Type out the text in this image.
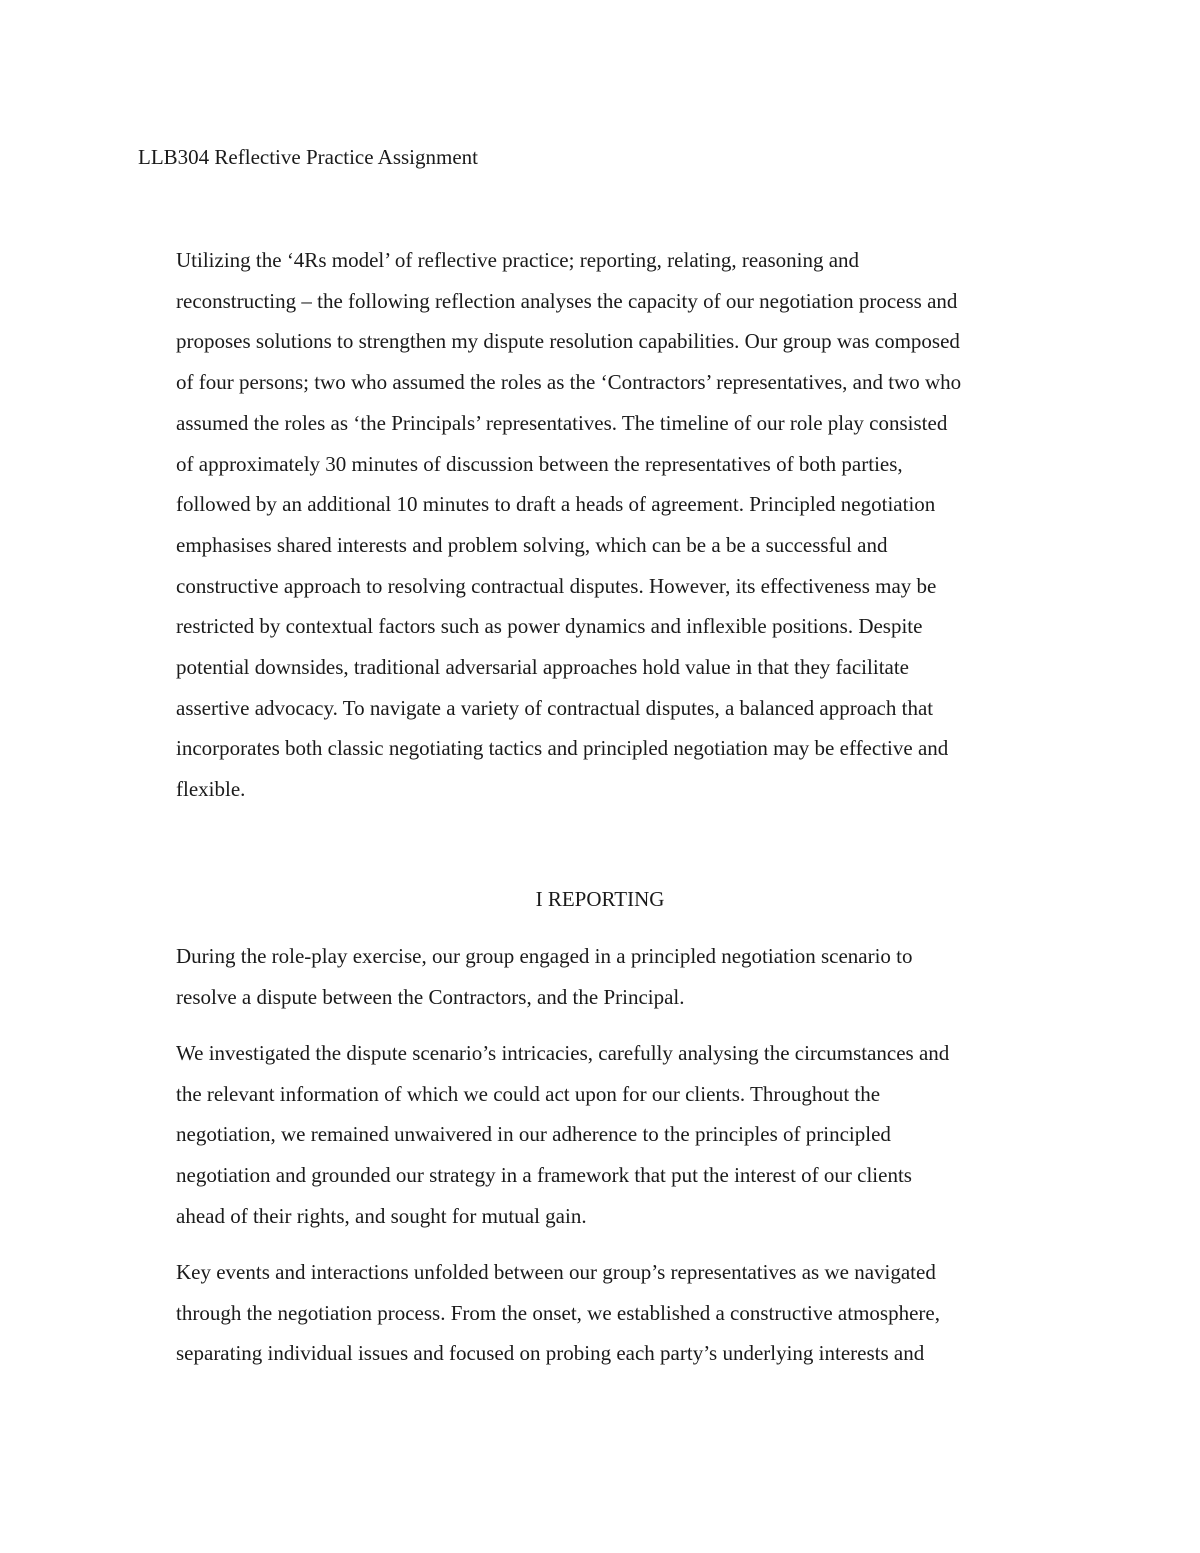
LLB304 Reflective Practice Assignment
Utilizing the ‘4Rs model’ of reflective practice; reporting, relating, reasoning and
reconstructing – the following reflection analyses the capacity of our negotiation process and
proposes solutions to strengthen my dispute resolution capabilities. Our group was composed
of four persons; two who assumed the roles as the ‘Contractors’ representatives, and two who
assumed the roles as ‘the Principals’ representatives. The timeline of our role play consisted
of approximately 30 minutes of discussion between the representatives of both parties,
followed by an additional 10 minutes to draft a heads of agreement. Principled negotiation
emphasises shared interests and problem solving, which can be a be a successful and
constructive approach to resolving contractual disputes. However, its effectiveness may be
restricted by contextual factors such as power dynamics and inflexible positions. Despite
potential downsides, traditional adversarial approaches hold value in that they facilitate
assertive advocacy. To navigate a variety of contractual disputes, a balanced approach that
incorporates both classic negotiating tactics and principled negotiation may be effective and
flexible.
I REPORTING
During the role-play exercise, our group engaged in a principled negotiation scenario to
resolve a dispute between the Contractors, and the Principal.
We investigated the dispute scenario’s intricacies, carefully analysing the circumstances and
the relevant information of which we could act upon for our clients. Throughout the
negotiation, we remained unwaivered in our adherence to the principles of principled
negotiation and grounded our strategy in a framework that put the interest of our clients
ahead of their rights, and sought for mutual gain.
Key events and interactions unfolded between our group’s representatives as we navigated
through the negotiation process. From the onset, we established a constructive atmosphere,
separating individual issues and focused on probing each party’s underlying interests and
